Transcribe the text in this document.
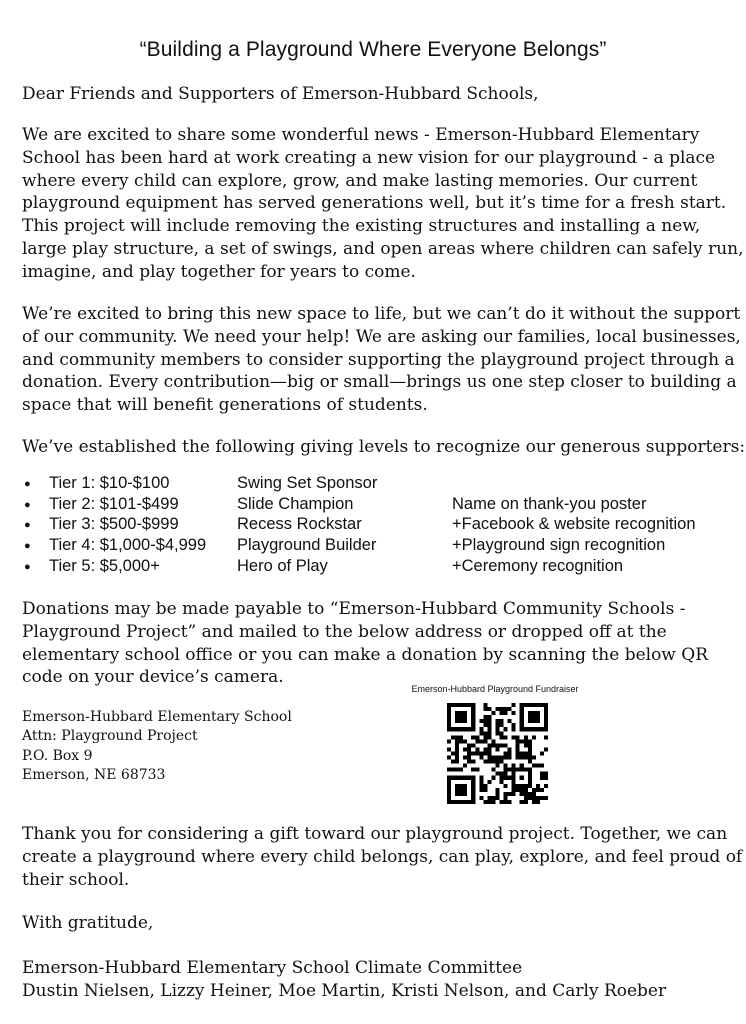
“Building a Playground Where Everyone Belongs”
Dear Friends and Supporters of Emerson-Hubbard Schools,
We are excited to share some wonderful news - Emerson-Hubbard Elementary
School has been hard at work creating a new vision for our playground - a place
where every child can explore, grow, and make lasting memories. Our current
playground equipment has served generations well, but it’s time for a fresh start.
This project will include removing the existing structures and installing a new,
large play structure, a set of swings, and open areas where children can safely run,
imagine, and play together for years to come.
We’re excited to bring this new space to life, but we can’t do it without the support
of our community. We need your help! We are asking our families, local businesses,
and community members to consider supporting the playground project through a
donation. Every contribution—big or small—brings us one step closer to building a
space that will benefit generations of students.
We’ve established the following giving levels to recognize our generous supporters:
● Tier 1: $10-$100	Swing Set Sponsor
● Tier 2: $101-$499	Slide Champion	Name on thank-you poster
● Tier 3: $500-$999	Recess Rockstar	+Facebook & website recognition
● Tier 4: $1,000-$4,999 Playground Builder	+Playground sign recognition
● Tier 5: $5,000+	Hero of Play	+Ceremony recognition
Donations may be made payable to “Emerson-Hubbard Community Schools -
Playground Project” and mailed to the below address or dropped off at the
elementary school office or you can make a donation by scanning the below QR
code on your device’s camera.
Emerson-Hubbard Playground Fundraiser
Emerson-Hubbard Elementary School
Attn: Playground Project
P.O. Box 9
Emerson, NE 68733
Thank you for considering a gift toward our playground project. Together, we can
create a playground where every child belongs, can play, explore, and feel proud of
their school.
With gratitude,
Emerson-Hubbard Elementary School Climate Committee
Dustin Nielsen, Lizzy Heiner, Moe Martin, Kristi Nelson, and Carly Roeber
